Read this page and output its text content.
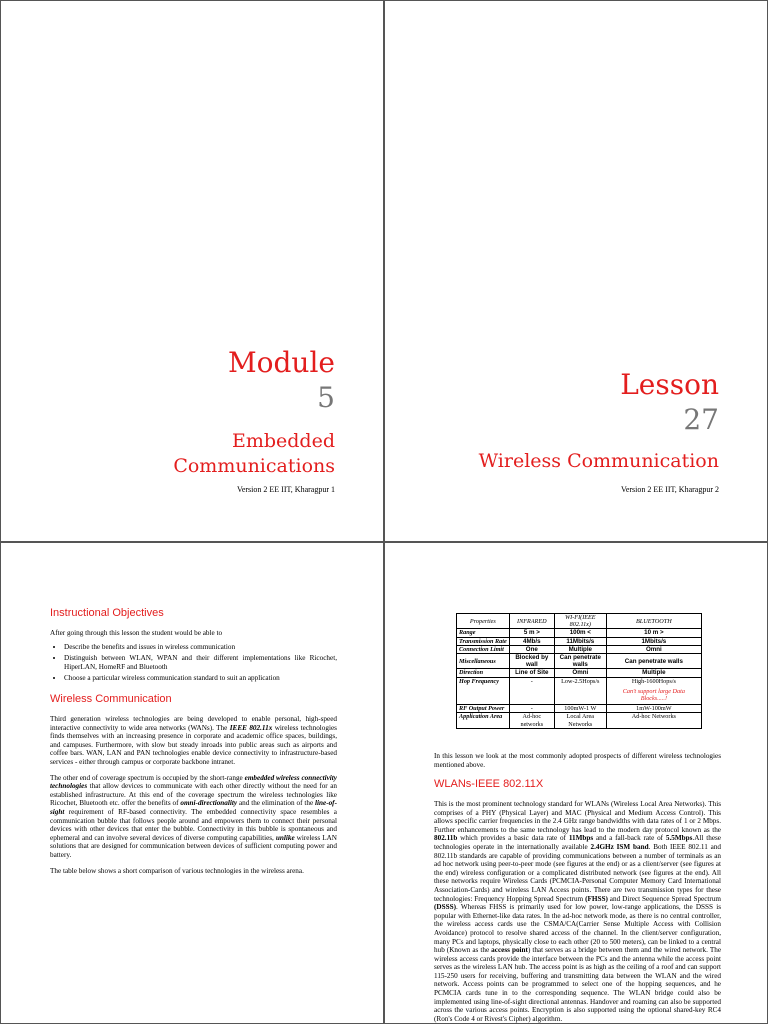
Module
5
Embedded
Communications
Version 2 EE IIT, Kharagpur 1
Lesson
27
Wireless Communication
Version 2 EE IIT, Kharagpur 2
Instructional Objectives
After going through this lesson the student would be able to
• Describe the benefits and issues in wireless communication
• Distinguish between WLAN, WPAN and their different implementations like Ricochet, HiperLAN, HomeRF and Bluetooth
• Choose a particular wireless communication standard to suit an application
Wireless Communication

Third generation wireless technologies are being developed to enable personal, high-speed interactive connectivity to wide area networks (WANs). The IEEE 802.11x wireless technologies finds themselves with an increasing presence in corporate and academic office spaces, buildings, and campuses. Furthermore, with slow but steady inroads into public areas such as airports and coffee bars. WAN, LAN and PAN technologies enable device connectivity to infrastructure-based services - either through campus or corporate backbone intranet.

The other end of coverage spectrum is occupied by the short-range embedded wireless connectivity technologies that allow devices to communicate with each other directly without the need for an established infrastructure. At this end of the coverage spectrum the wireless technologies like Ricochet, Bluetooth etc. offer the benefits of omni-directionality and the elimination of the line-of-sight requirement of RF-based connectivity. The embedded connectivity space resembles a communication bubble that follows people around and empowers them to connect their personal devices with other devices that enter the bubble. Connectivity in this bubble is spontaneous and ephemeral and can involve several devices of diverse computing capabilities, unlike wireless LAN solutions that are designed for communication between devices of sufficient computing power and battery.

The table below shows a short comparison of various technologies in the wireless arena.

Properties	INFRARED	WI-FI(IEEE 802.11x)	BLUETOOTH
Range	5 m >	100m <	10 m >
Transmission Rate	4Mb/s	11Mbits/s	1Mbits/s
Connection Limit	One	Multiple	Omni
Miscellaneous	Blocked by wall	Can penetrate walls	Can penetrate walls
Direction	Line of Site	Omni	Multiple
Hop Frequency	-	Low-2.5Hops/s	High-1600Hops/s
Can't support large Data Blocks.....!

RF Output Power	-	100mW-1 W	1mW-100mW
Application Area	Ad-hoc networks	Local Area Networks	Ad-hoc Networks
In this lesson we look at the most commonly adopted prospects of different wireless technologies mentioned above.
WLANs-IEEE 802.11X
This is the most prominent technology standard for WLANs (Wireless Local Area Networks). This comprises of a PHY (Physical Layer) and MAC (Physical and Medium Access Control). This allows specific carrier frequencies in the 2.4 GHz range bandwidths with data rates of 1 or 2 Mbps. Further enhancements to the same technology has lead to the modern day protocol known as the 802.11b which provides a basic data rate of 11Mbps and a fall-back rate of 5.5Mbps.All these technologies operate in the internationally available 2.4GHz ISM band. Both IEEE 802.11 and 802.11b standards are capable of providing communications between a number of terminals as an ad hoc network using peer-to-peer mode (see figures at the end) or as a client/server (see figures at the end) wireless configuration or a complicated distributed network (see figures at the end). All these networks require Wireless Cards (PCMCIA-Personal Computer Memory Card International Association-Cards) and wireless LAN Access points. There are two transmission types for these technologies: Frequency Hopping Spread Spectrum (FHSS) and Direct Sequence Spread Spectrum (DSSS). Whereas FHSS is primarily used for low power, low-range applications, the DSSS is popular with Ethernet-like data rates. In the ad-hoc network mode, as there is no central controller, the wireless access cards use the CSMA/CA(Carrier Sense Multiple Access with Collision Avoidance) protocol to resolve shared access of the channel. In the client/server configuration, many PCs and laptops, physically close to each other (20 to 500 meters), can be linked to a central hub (Known as the access point) that serves as a bridge between them and the wired network. The wireless access cards provide the interface between the PCs and the antenna while the access point serves as the wireless LAN hub. The access point is as high as the ceiling of a roof and can support 115-250 users for receiving, buffering and transmitting data between the WLAN and the wired network. Access points can be programmed to select one of the hopping sequences, and he PCMCIA cards tune in to the corresponding sequence. The WLAN bridge could also be implemented using line-of-sight directional antennas. Handover and roaming can also be supported across the various access points. Encryption is also supported using the optional shared-key RC4 (Ron's Code 4 or Rivest's Cipher) algorithm.
